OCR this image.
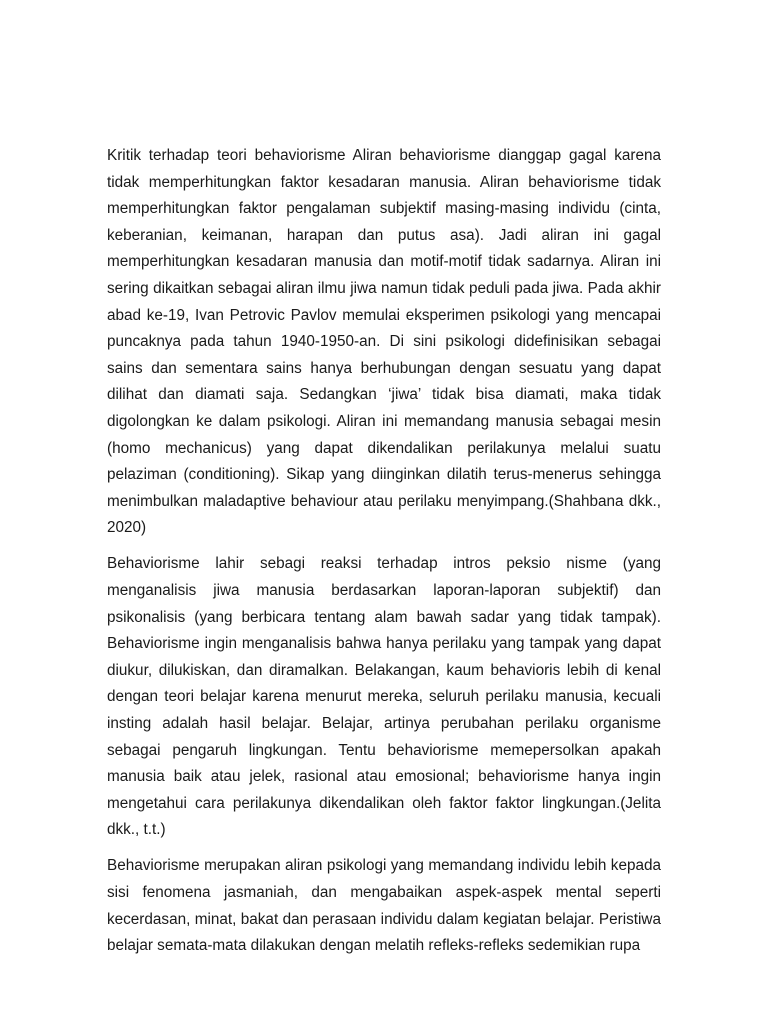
Kritik terhadap teori behaviorisme Aliran behaviorisme dianggap gagal karena tidak memperhitungkan faktor kesadaran manusia. Aliran behaviorisme tidak memperhitungkan faktor pengalaman subjektif masing-masing individu (cinta, keberanian, keimanan, harapan dan putus asa). Jadi aliran ini gagal memperhitungkan kesadaran manusia dan motif-motif tidak sadarnya. Aliran ini sering dikaitkan sebagai aliran ilmu jiwa namun tidak peduli pada jiwa. Pada akhir abad ke-19, Ivan Petrovic Pavlov memulai eksperimen psikologi yang mencapai puncaknya pada tahun 1940-1950-an. Di sini psikologi didefinisikan sebagai sains dan sementara sains hanya berhubungan dengan sesuatu yang dapat dilihat dan diamati saja. Sedangkan ‘jiwa’ tidak bisa diamati, maka tidak digolongkan ke dalam psikologi. Aliran ini memandang manusia sebagai mesin (homo mechanicus) yang dapat dikendalikan perilakunya melalui suatu pelaziman (conditioning). Sikap yang diinginkan dilatih terus-menerus sehingga menimbulkan maladaptive behaviour atau perilaku menyimpang.(Shahbana dkk., 2020)

Behaviorisme lahir sebagi reaksi terhadap intros peksio nisme (yang menganalisis jiwa manusia berdasarkan laporan-laporan subjektif) dan psikonalisis (yang berbicara tentang alam bawah sadar yang tidak tampak). Behaviorisme ingin menganalisis bahwa hanya perilaku yang tampak yang dapat diukur, dilukiskan, dan diramalkan. Belakangan, kaum behavioris lebih di kenal dengan teori belajar karena menurut mereka, seluruh perilaku manusia, kecuali insting adalah hasil belajar. Belajar, artinya perubahan perilaku organisme sebagai pengaruh lingkungan. Tentu behaviorisme memepersolkan apakah manusia baik atau jelek, rasional atau emosional; behaviorisme hanya ingin mengetahui cara perilakunya dikendalikan oleh faktor faktor lingkungan.(Jelita dkk., t.t.)

Behaviorisme merupakan aliran psikologi yang memandang individu lebih kepada sisi fenomena jasmaniah, dan mengabaikan aspek-aspek mental seperti kecerdasan, minat, bakat dan perasaan individu dalam kegiatan belajar. Peristiwa belajar semata-mata dilakukan dengan melatih refleks-refleks sedemikian rupa
